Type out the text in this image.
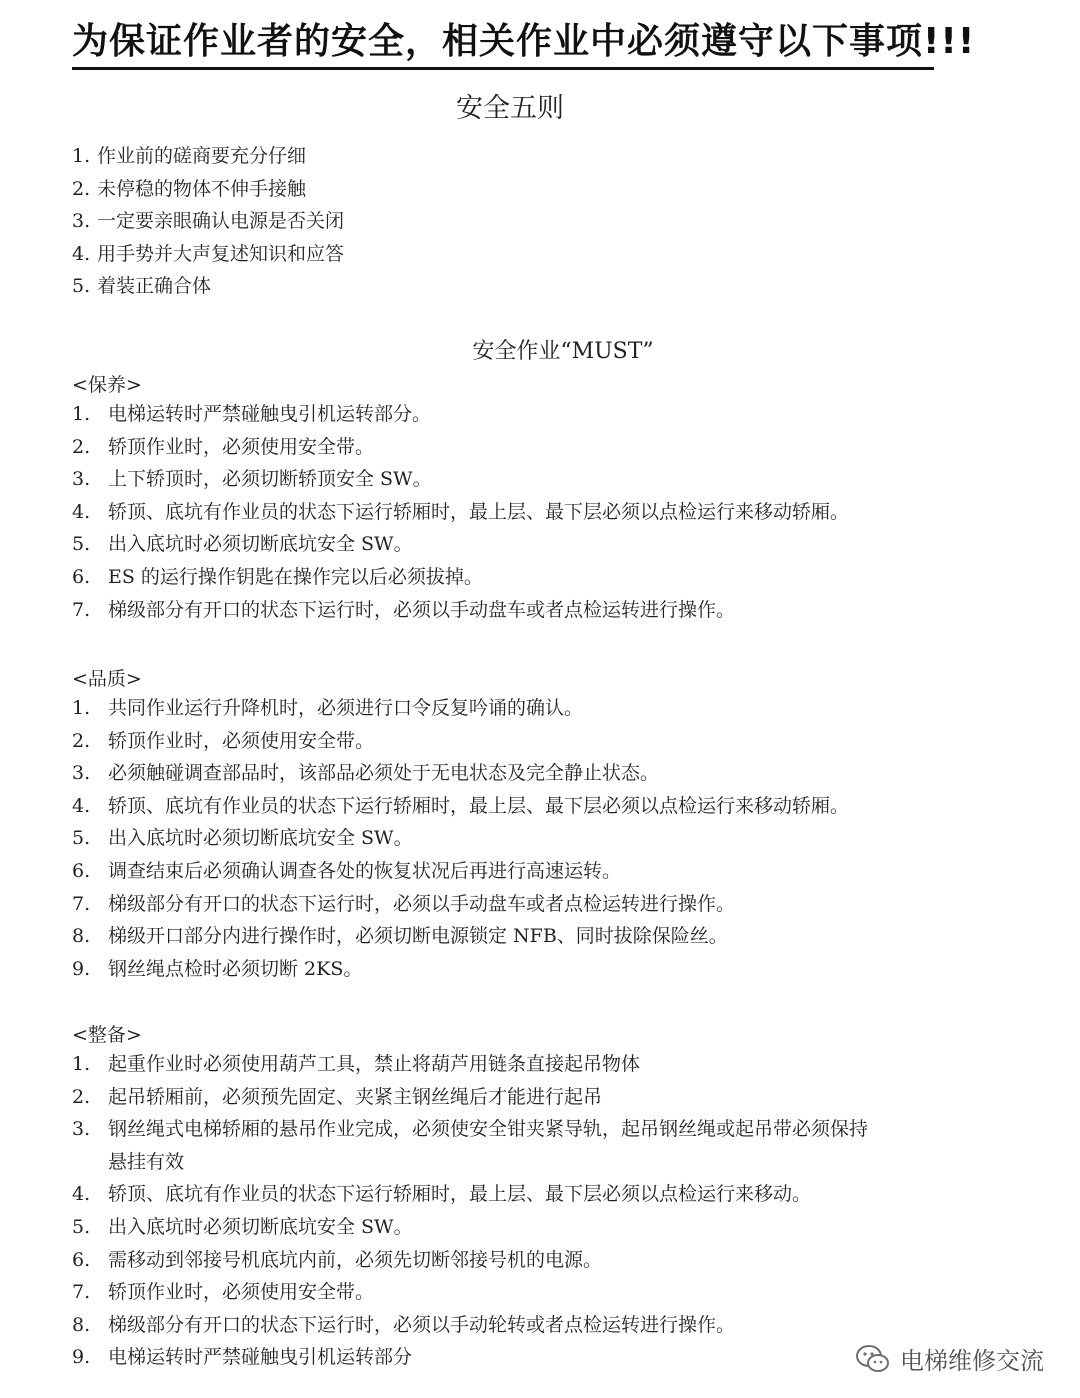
为保证作业者的安全，相关作业中必须遵守以下事项!!!
安全五则
1. 作业前的磋商要充分仔细
2. 未停稳的物体不伸手接触
3. 一定要亲眼确认电源是否关闭
4. 用手势并大声复述知识和应答
5. 着装正确合体
安全作业“MUST”
<保养>
1. 电梯运转时严禁碰触曳引机运转部分。
2. 轿顶作业时，必须使用安全带。
3. 上下轿顶时，必须切断轿顶安全 SW。
4. 轿顶、底坑有作业员的状态下运行轿厢时，最上层、最下层必须以点检运行来移动轿厢。
5. 出入底坑时必须切断底坑安全 SW。
6. ES 的运行操作钥匙在操作完以后必须拔掉。
7. 梯级部分有开口的状态下运行时，必须以手动盘车或者点检运转进行操作。
<品质>
1. 共同作业运行升降机时，必须进行口令反复吟诵的确认。
2. 轿顶作业时，必须使用安全带。
3. 必须触碰调查部品时，该部品必须处于无电状态及完全静止状态。
4. 轿顶、底坑有作业员的状态下运行轿厢时，最上层、最下层必须以点检运行来移动轿厢。
5. 出入底坑时必须切断底坑安全 SW。
6. 调查结束后必须确认调查各处的恢复状况后再进行高速运转。
7. 梯级部分有开口的状态下运行时，必须以手动盘车或者点检运转进行操作。
8. 梯级开口部分内进行操作时，必须切断电源锁定 NFB、同时拔除保险丝。
9. 钢丝绳点检时必须切断 2KS。
<整备>
1. 起重作业时必须使用葫芦工具，禁止将葫芦用链条直接起吊物体
2. 起吊轿厢前，必须预先固定、夹紧主钢丝绳后才能进行起吊
3. 钢丝绳式电梯轿厢的悬吊作业完成，必须使安全钳夹紧导轨，起吊钢丝绳或起吊带必须保持
悬挂有效
4. 轿顶、底坑有作业员的状态下运行轿厢时，最上层、最下层必须以点检运行来移动。
5. 出入底坑时必须切断底坑安全 SW。
6. 需移动到邻接号机底坑内前，必须先切断邻接号机的电源。
7. 轿顶作业时，必须使用安全带。
8. 梯级部分有开口的状态下运行时，必须以手动轮转或者点检运转进行操作。
9. 电梯运转时严禁碰触曳引机运转部分	电梯维修交流
